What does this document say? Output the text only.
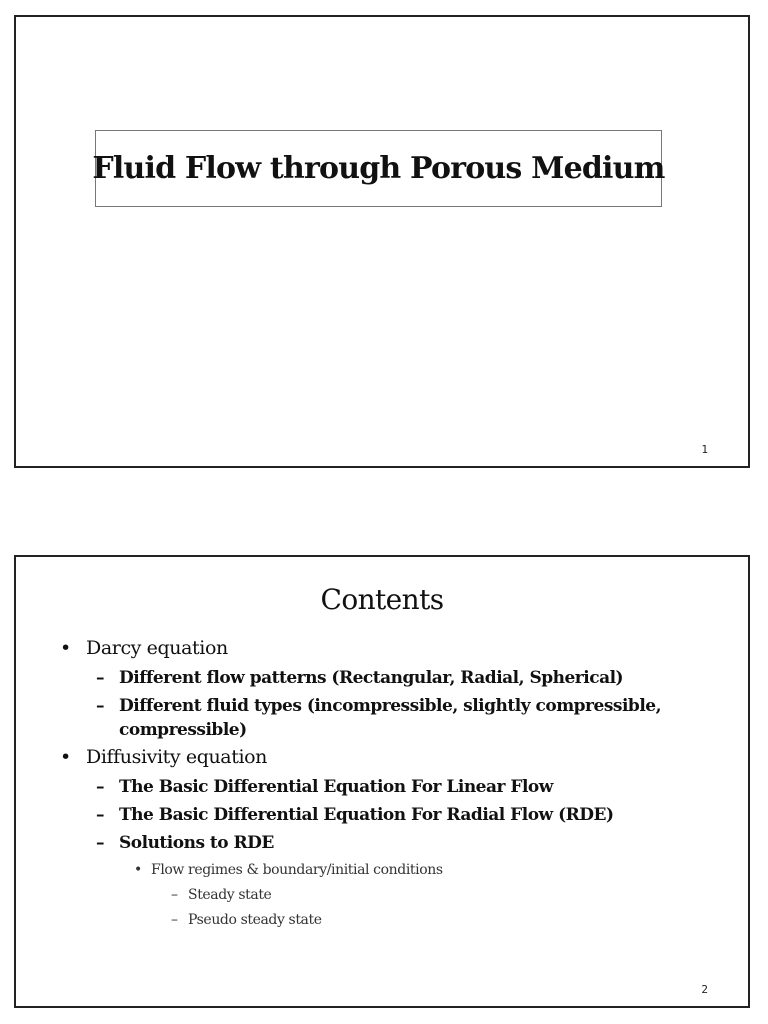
Fluid Flow through Porous Medium
1
Contents
• Darcy equation
– Different flow patterns (Rectangular, Radial, Spherical)
– Different fluid types (incompressible, slightly compressible, compressible)
• Diffusivity equation
– The Basic Differential Equation For Linear Flow
– The Basic Differential Equation For Radial Flow (RDE)
– Solutions to RDE
• Flow regimes & boundary/initial conditions
– Steady state
– Pseudo steady state
2
